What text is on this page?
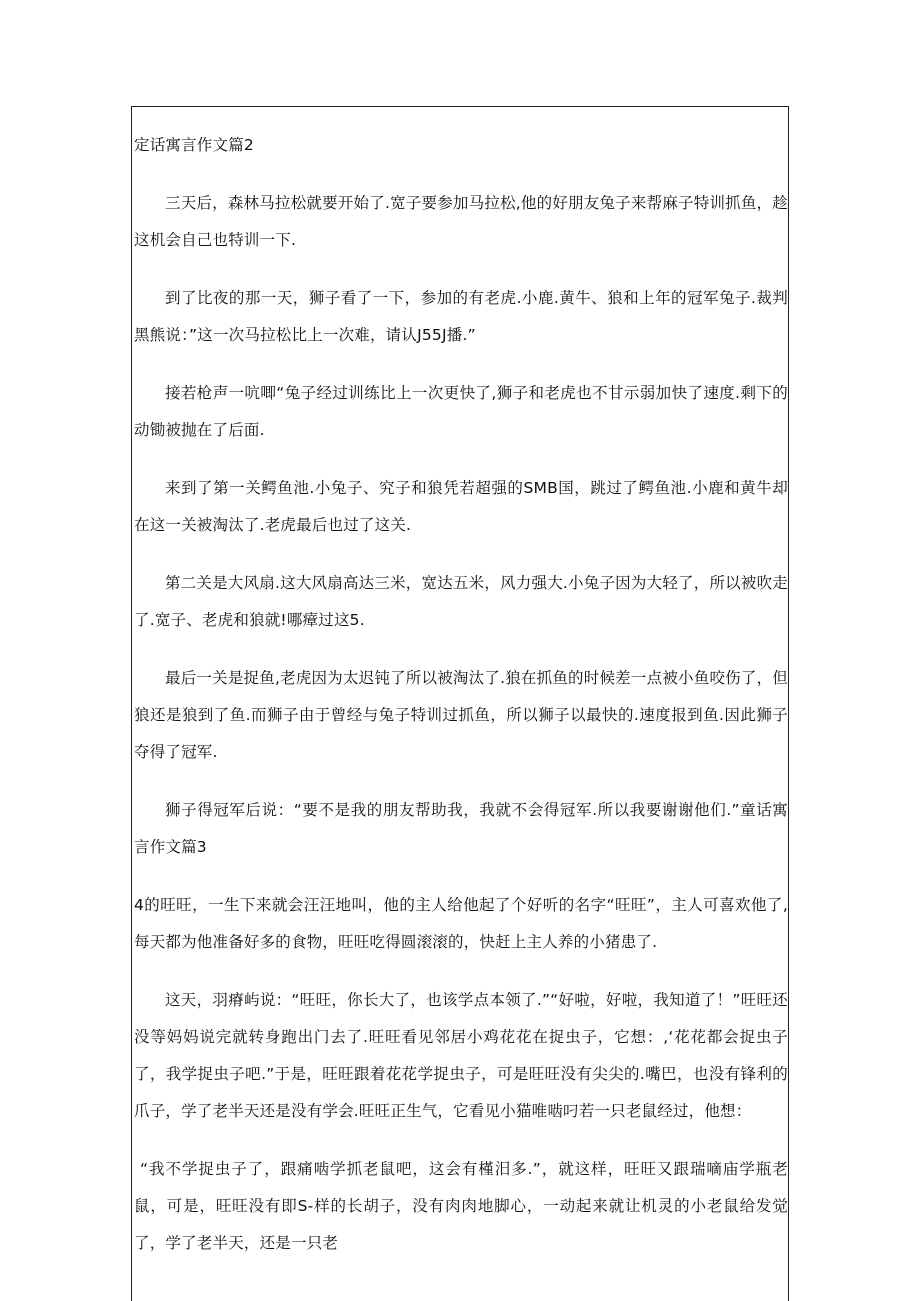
定话寓言作文篇2

三天后，森林马拉松就要开始了.宽子要参加马拉松,他的好朋友兔子来帮麻子特训抓鱼，趁这机会自己也特训一下.

到了比夜的那一天，狮子看了一下，参加的有老虎.小鹿.黄牛、狼和上年的冠军兔子.裁判黑熊说：”这一次马拉松比上一次难，请认J55J播.”

接若枪声一吭唧“兔子经过训练比上一次更快了,狮子和老虎也不甘示弱加快了速度.剩下的动锄被抛在了后面.

来到了第一关鳄鱼池.小兔子、究子和狼凭若超强的SMB国，跳过了鳄鱼池.小鹿和黄牛却在这一关被淘汰了.老虎最后也过了这关.

第二关是大风扇.这大风扇高达三米，宽达五米，风力强大.小兔子因为大轻了，所以被吹走了.宽子、老虎和狼就!哪瘴过这5.

最后一关是捉鱼,老虎因为太迟钝了所以被淘汰了.狼在抓鱼的时候差一点被小鱼咬伤了，但狼还是狼到了鱼.而狮子由于曾经与兔子特训过抓鱼，所以狮子以最快的.速度报到鱼.因此狮子夺得了冠军.

狮子得冠军后说：“要不是我的朋友帮助我，我就不会得冠军.所以我要谢谢他们.”童话寓言作文篇3

4的旺旺，一生下来就会汪汪地叫，他的主人给他起了个好听的名字“旺旺”，主人可喜欢他了,每天都为他准备好多的食物，旺旺吃得圆滚滚的，快赶上主人养的小猪患了.

这天，羽瘠屿说：“旺旺，你长大了，也该学点本领了.”“好啦，好啦，我知道了！”旺旺还没等妈妈说完就转身跑出门去了.旺旺看见邻居小鸡花花在捉虫子，它想：,‘花花都会捉虫子了，我学捉虫子吧.”于是，旺旺跟着花花学捉虫子，可是旺旺没有尖尖的.嘴巴，也没有锋利的爪子，学了老半天还是没有学会.旺旺正生气，它看见小猫唯啮叼若一只老鼠经过，他想：

“我不学捉虫子了，跟痛啮学抓老鼠吧，这会有槿汨多.”，就这样，旺旺又跟瑞嘀庙学瓶老鼠，可是，旺旺没有即S-样的长胡子，没有肉肉地脚心，一动起来就让机灵的小老鼠给发觉了，学了老半天，还是一只老
